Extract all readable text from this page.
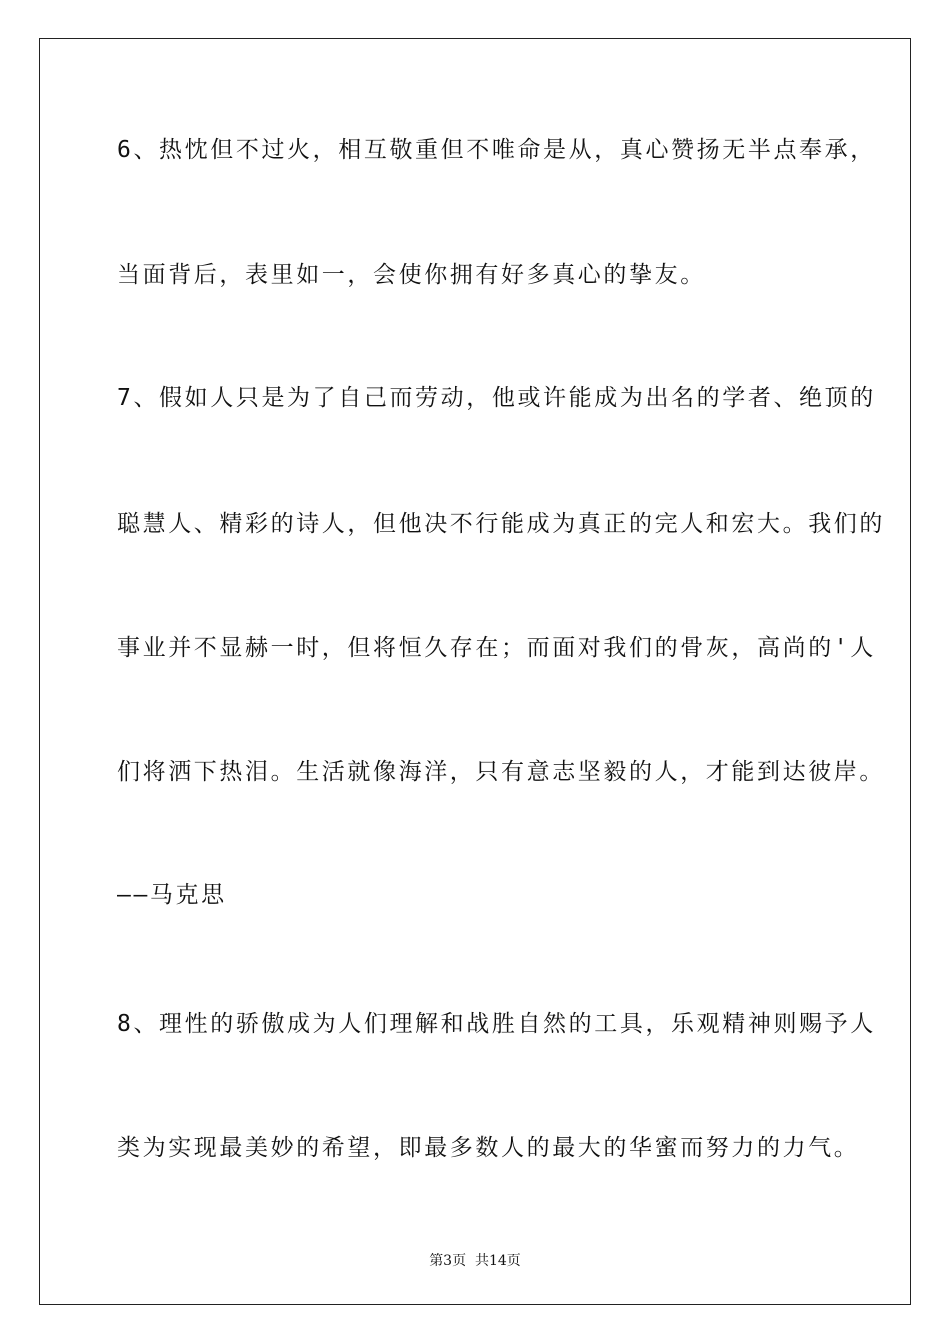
6、热忱但不过火，相互敬重但不唯命是从，真心赞扬无半点奉承，

当面背后，表里如一，会使你拥有好多真心的挚友。

7、假如人只是为了自己而劳动，他或许能成为出名的学者、绝顶的

聪慧人、精彩的诗人，但他决不行能成为真正的完人和宏大。我们的

事业并不显赫一时，但将恒久存在；而面对我们的骨灰，高尚的'人

们将洒下热泪。生活就像海洋，只有意志坚毅的人，才能到达彼岸。

——马克思

8、理性的骄傲成为人们理解和战胜自然的工具，乐观精神则赐予人

类为实现最美妙的希望，即最多数人的最大的华蜜而努力的力气。

第3页  共14页
